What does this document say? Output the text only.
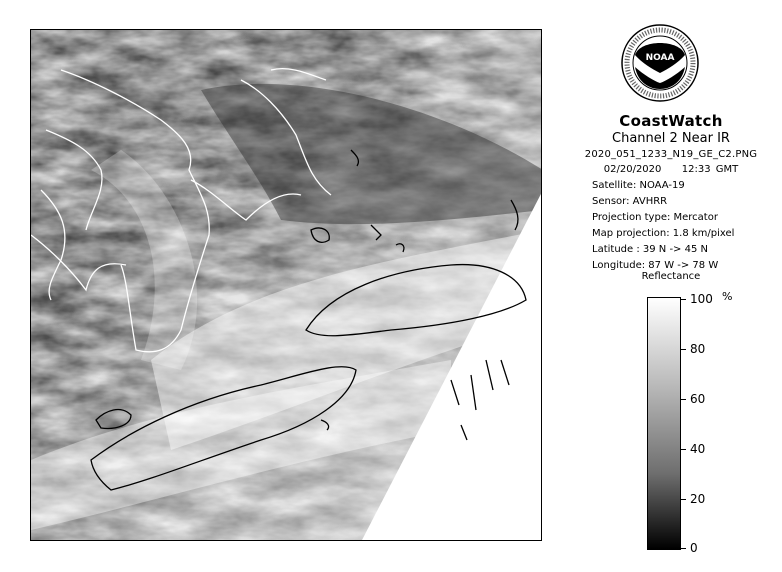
NOAA
CoastWatch
Channel 2 Near IR
2020_051_1233_N19_GE_C2.PNG
02/20/2020 12:33 GMT
Satellite: NOAA-19
Sensor: AVHRR
Projection type: Mercator
Map projection: 1.8 km/pixel
Latitude : 39 N -> 45 N
Longitude: 87 W -> 78 W
Reflectance
%
100
80
60
40
20
0
